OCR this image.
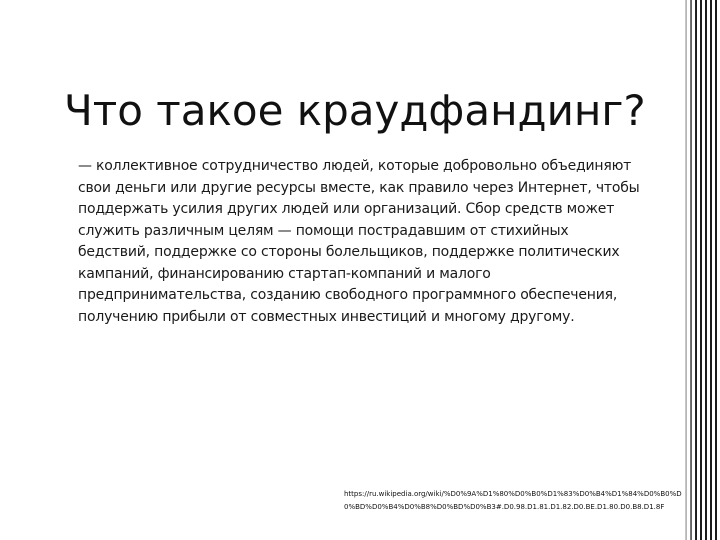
Что такое краудфандинг?

— коллективное сотрудничество людей, которые добровольно объединяют свои деньги или другие ресурсы вместе, как правило через Интернет, чтобы поддержать усилия других людей или организаций. Сбор средств может служить различным целям — помощи пострадавшим от стихийных бедствий, поддержке со стороны болельщиков, поддержке политических кампаний, финансированию стартап-компаний и малого предпринимательства, созданию свободного программного обеспечения, получению прибыли от совместных инвестиций и многому другому.

https://ru.wikipedia.org/wiki/%D0%9A%D1%80%D0%B0%D1%83%D0%B4%D1%84%D0%B0%D0%BD%D0%B4%D0%B8%D0%BD%D0%B3#.D0.98.D1.81.D1.82.D0.BE.D1.80.D0.B8.D1.8F
